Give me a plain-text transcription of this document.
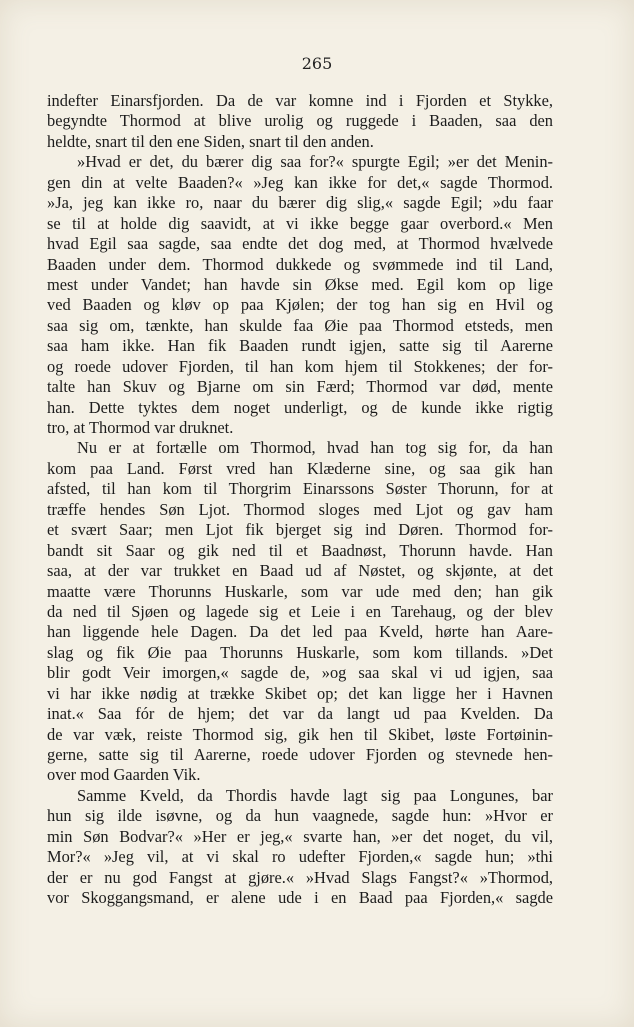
265
indefter Einarsfjorden. Da de var komne ind i Fjorden et Stykke,
begyndte Thormod at blive urolig og ruggede i Baaden, saa den
heldte, snart til den ene Siden, snart til den anden.
»Hvad er det, du bærer dig saa for?« spurgte Egil; »er det Menin-
gen din at velte Baaden?« »Jeg kan ikke for det,« sagde Thormod.
»Ja, jeg kan ikke ro, naar du bærer dig slig,« sagde Egil; »du faar
se til at holde dig saavidt, at vi ikke begge gaar overbord.« Men
hvad Egil saa sagde, saa endte det dog med, at Thormod hvælvede
Baaden under dem. Thormod dukkede og svømmede ind til Land,
mest under Vandet; han havde sin Økse med. Egil kom op lige
ved Baaden og kløv op paa Kjølen; der tog han sig en Hvil og
saa sig om, tænkte, han skulde faa Øie paa Thormod etsteds, men
saa ham ikke. Han fik Baaden rundt igjen, satte sig til Aarerne
og roede udover Fjorden, til han kom hjem til Stokkenes; der for-
talte han Skuv og Bjarne om sin Færd; Thormod var død, mente
han. Dette tyktes dem noget underligt, og de kunde ikke rigtig
tro, at Thormod var druknet.
Nu er at fortælle om Thormod, hvad han tog sig for, da han
kom paa Land. Først vred han Klæderne sine, og saa gik han
afsted, til han kom til Thorgrim Einarssons Søster Thorunn, for at
træffe hendes Søn Ljot. Thormod sloges med Ljot og gav ham
et svært Saar; men Ljot fik bjerget sig ind Døren. Thormod for-
bandt sit Saar og gik ned til et Baadnøst, Thorunn havde. Han
saa, at der var trukket en Baad ud af Nøstet, og skjønte, at det
maatte være Thorunns Huskarle, som var ude med den; han gik
da ned til Sjøen og lagede sig et Leie i en Tarehaug, og der blev
han liggende hele Dagen. Da det led paa Kveld, hørte han Aare-
slag og fik Øie paa Thorunns Huskarle, som kom tillands. »Det
blir godt Veir imorgen,« sagde de, »og saa skal vi ud igjen, saa
vi har ikke nødig at trække Skibet op; det kan ligge her i Havnen
inat.« Saa fór de hjem; det var da langt ud paa Kvelden. Da
de var væk, reiste Thormod sig, gik hen til Skibet, løste Fortøinin-
gerne, satte sig til Aarerne, roede udover Fjorden og stevnede hen-
over mod Gaarden Vik.
Samme Kveld, da Thordis havde lagt sig paa Longunes, bar
hun sig ilde isøvne, og da hun vaagnede, sagde hun: »Hvor er
min Søn Bodvar?« »Her er jeg,« svarte han, »er det noget, du vil,
Mor?« »Jeg vil, at vi skal ro udefter Fjorden,« sagde hun; »thi
der er nu god Fangst at gjøre.« »Hvad Slags Fangst?« »Thormod,
vor Skoggangsmand, er alene ude i en Baad paa Fjorden,« sagde
